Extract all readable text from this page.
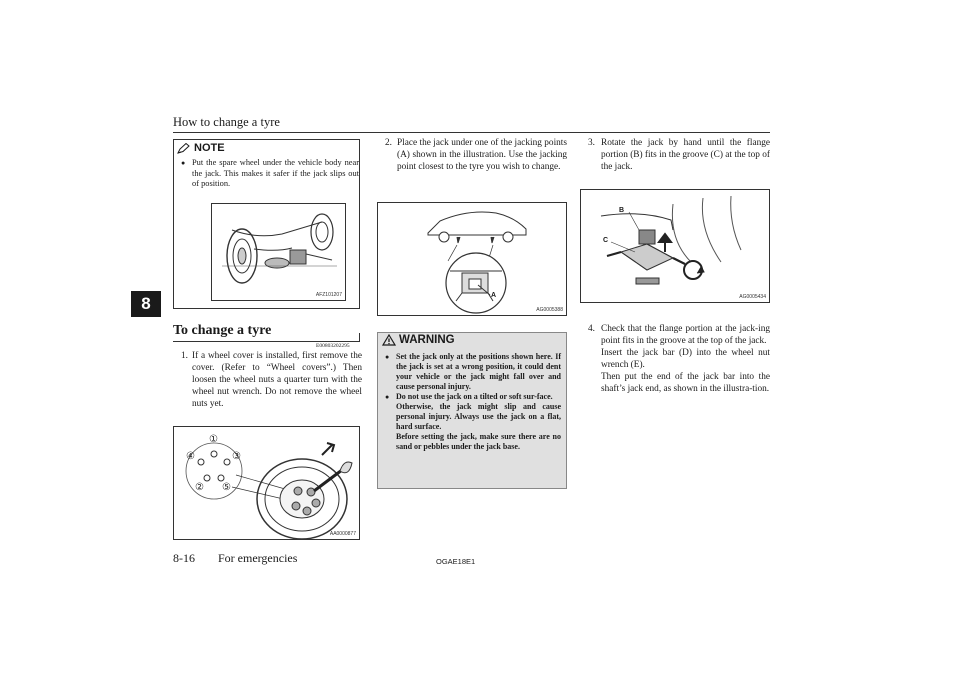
How to change a tyre
8
NOTE
● Put the spare wheel under the vehicle body near the jack. This makes it safer if the jack slips out of position.
AFZ101207
To change a tyre
E00803202295
1. If a wheel cover is installed, first remove the cover. (Refer to “Wheel covers”.) Then loosen the wheel nuts a quarter turn with the wheel nut wrench. Do not remove the wheel nuts yet.
①
②
③
④
⑤
AA0000877
2. Place the jack under one of the jacking points (A) shown in the illustration. Use the jacking point closest to the tyre you wish to change.
A
AG0005388
WARNING
● Set the jack only at the positions shown here. If the jack is set at a wrong position, it could dent your vehicle or the jack might fall over and cause personal injury.
● Do not use the jack on a tilted or soft sur-face.
Otherwise, the jack might slip and cause personal injury. Always use the jack on a flat, hard surface.
Before setting the jack, make sure there are no sand or pebbles under the jack base.
3. Rotate the jack by hand until the flange portion (B) fits in the groove (C) at the top of the jack.
B
C
AG0005434
4. Check that the flange portion at the jack-ing point fits in the groove at the top of the jack.
Insert the jack bar (D) into the wheel nut wrench (E).
Then put the end of the jack bar into the shaft’s jack end, as shown in the illustra-tion.
8-16 For emergencies	OGAE18E1
